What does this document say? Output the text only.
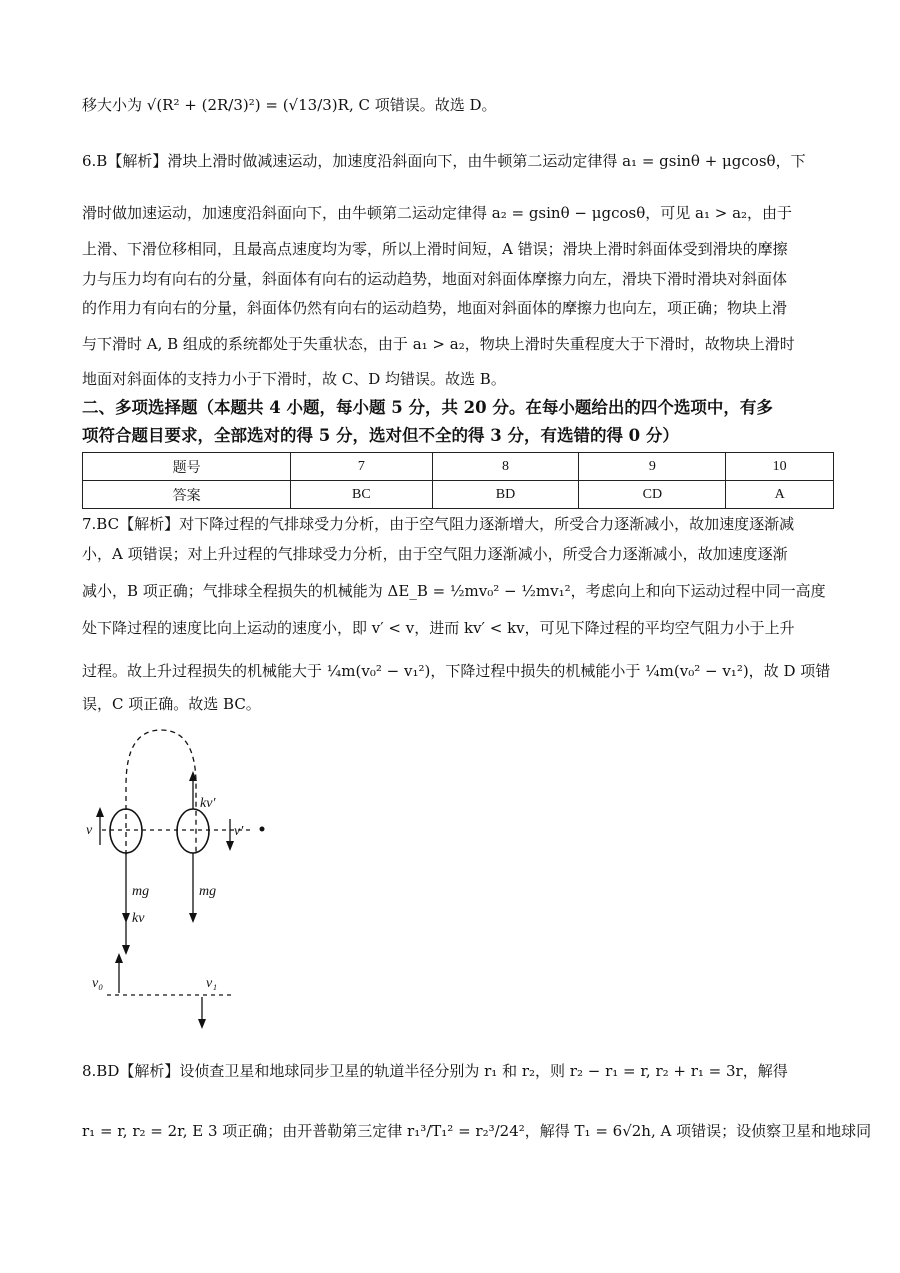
移大小为 √(R² + (2R/3)²) = (√13/3)R, C 项错误。故选 D。
6.B【解析】滑块上滑时做减速运动，加速度沿斜面向下，由牛顿第二运动定律得 a₁ = gsinθ + μgcosθ，下
滑时做加速运动，加速度沿斜面向下，由牛顿第二运动定律得 a₂ = gsinθ − μgcosθ，可见 a₁ > a₂，由于
上滑、下滑位移相同，且最高点速度均为零，所以上滑时间短，A 错误；滑块上滑时斜面体受到滑块的摩擦
力与压力均有向右的分量，斜面体有向右的运动趋势，地面对斜面体摩擦力向左，滑块下滑时滑块对斜面体
的作用力有向右的分量，斜面体仍然有向右的运动趋势，地面对斜面体的摩擦力也向左，项正确；物块上滑
与下滑时 A, B 组成的系统都处于失重状态，由于 a₁ > a₂，物块上滑时失重程度大于下滑时，故物块上滑时
地面对斜面体的支持力小于下滑时，故 C、D 均错误。故选 B。
二、多项选择题（本题共 4 小题，每小题 5 分，共 20 分。在每小题给出的四个选项中，有多
项符合题目要求，全部选对的得 5 分，选对但不全的得 3 分，有选错的得 0 分）
题号	7	8	9	10
答案	BC	BD	CD	A
7.BC【解析】对下降过程的气排球受力分析，由于空气阻力逐渐增大，所受合力逐渐减小，故加速度逐渐减
小，A 项错误；对上升过程的气排球受力分析，由于空气阻力逐渐减小，所受合力逐渐减小，故加速度逐渐
减小，B 项正确；气排球全程损失的机械能为 ΔE_B = ½mv₀² − ½mv₁²，考虑向上和向下运动过程中同一高度
处下降过程的速度比向上运动的速度小，即 v′ < v，进而 kv′ < kv，可见下降过程的平均空气阻力小于上升
过程。故上升过程损失的机械能大于 ¼m(v₀² − v₁²)，下降过程中损失的机械能小于 ¼m(v₀² − v₁²)，故 D 项错
误，C 项正确。故选 BC。
v
kv′
v′
mg
kv
mg
v₀	v₁
8.BD【解析】设侦查卫星和地球同步卫星的轨道半径分别为 r₁ 和 r₂，则 r₂ − r₁ = r, r₂ + r₁ = 3r，解得
r₁ = r, r₂ = 2r, E 3 项正确；由开普勒第三定律 r₁³/T₁² = r₂³/24²，解得 T₁ = 6√2h, A 项错误；设侦察卫星和地球同
